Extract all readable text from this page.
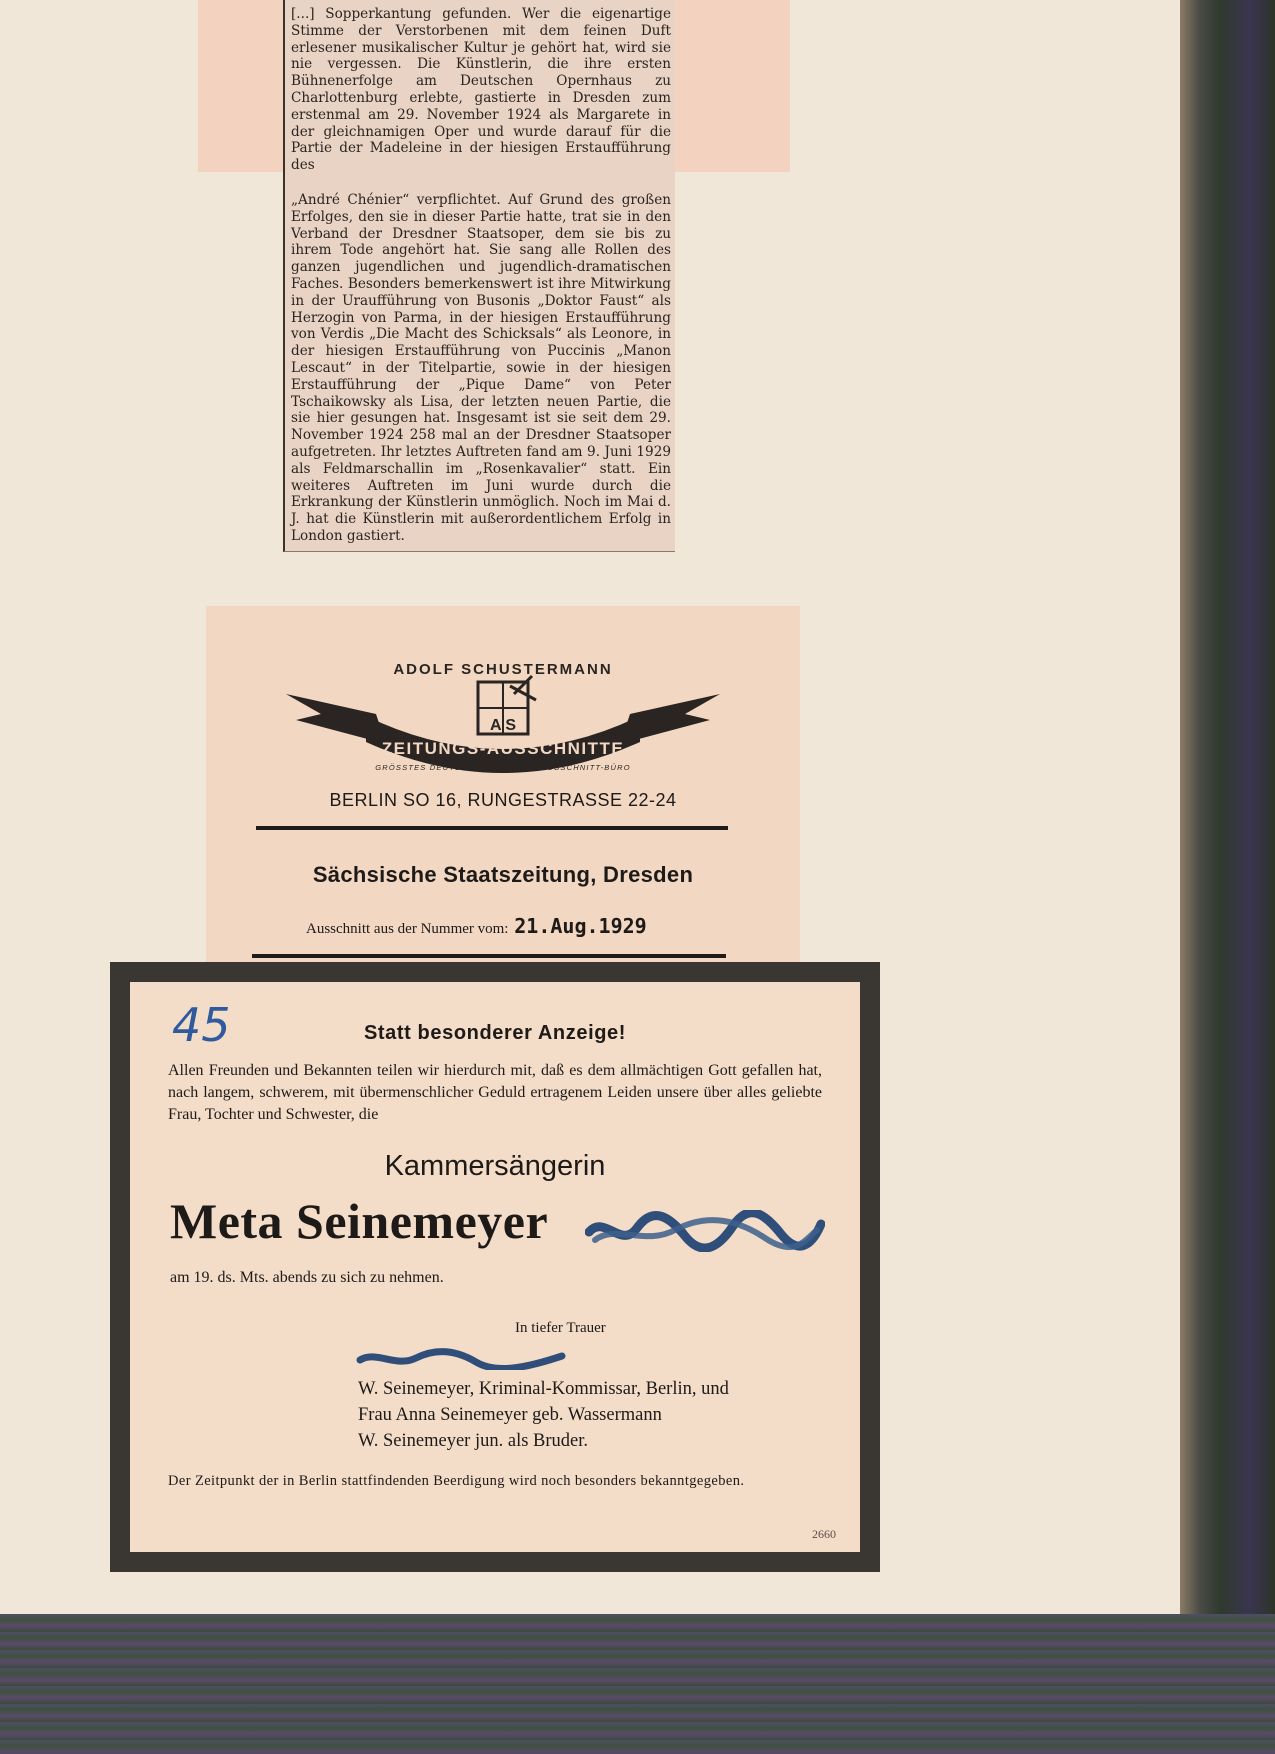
[...] Sopperkantung gefunden. Wer die eigenartige Stimme der Verstorbenen mit dem feinen Duft erlesener musikalischer Kultur je gehört hat, wird sie nie vergessen. Die Künstlerin, die ihre ersten Bühnenerfolge am Deutschen Opernhaus zu Charlottenburg erlebte, gastierte in Dresden zum erstenmal am 29. November 1924 als Margarete in der gleichnamigen Oper und wurde darauf für die Partie der Madeleine in der hiesigen Erstaufführung des

„André Chénier“ verpflichtet. Auf Grund des großen Erfolges, den sie in dieser Partie hatte, trat sie in den Verband der Dresdner Staatsoper, dem sie bis zu ihrem Tode angehört hat. Sie sang alle Rollen des ganzen jugendlichen und jugendlich-dramatischen Faches. Besonders bemerkenswert ist ihre Mitwirkung in der Uraufführung von Busonis „Doktor Faust“ als Herzogin von Parma, in der hiesigen Erstaufführung von Verdis „Die Macht des Schicksals“ als Leonore, in der hiesigen Erstaufführung von Puccinis „Manon Lescaut“ in der Titelpartie, sowie in der hiesigen Erstaufführung der „Pique Dame“ von Peter Tschaikowsky als Lisa, der letzten neuen Partie, die sie hier gesungen hat. Insgesamt ist sie seit dem 29. November 1924 258 mal an der Dresdner Staatsoper aufgetreten. Ihr letztes Auftreten fand am 9. Juni 1929 als Feldmarschallin im „Rosenkavalier“ statt. Ein weiteres Auftreten im Juni wurde durch die Erkrankung der Künstlerin unmöglich. Noch im Mai d. J. hat die Künstlerin mit außerordentlichem Erfolg in London gastiert.

A S
ADOLF SCHUSTERMANN
ZEITUNGS-AUSSCHNITTE
GRÖSSTES DEUTSCHES ZEITUNGS-AUSSCHNITT-BÜRO
BERLIN SO 16, RUNGESTRASSE 22-24
Sächsische Staatszeitung, Dresden
Ausschnitt aus der Nummer vom: 21.Aug.1929
45	Statt besonderer Anzeige!
Allen Freunden und Bekannten teilen wir hierdurch mit, daß es dem allmächtigen Gott gefallen hat, nach langem, schwerem, mit übermenschlicher Geduld ertragenem Leiden unsere über alles geliebte Frau, Tochter und Schwester, die
Kammersängerin
Meta Seinemeyer
am 19. ds. Mts. abends zu sich zu nehmen.
In tiefer Trauer
W. Seinemeyer, Kriminal-Kommissar, Berlin, und
Frau Anna Seinemeyer geb. Wassermann
W. Seinemeyer jun. als Bruder.
Der Zeitpunkt der in Berlin stattfindenden Beerdigung wird noch besonders bekanntgegeben.
2660
